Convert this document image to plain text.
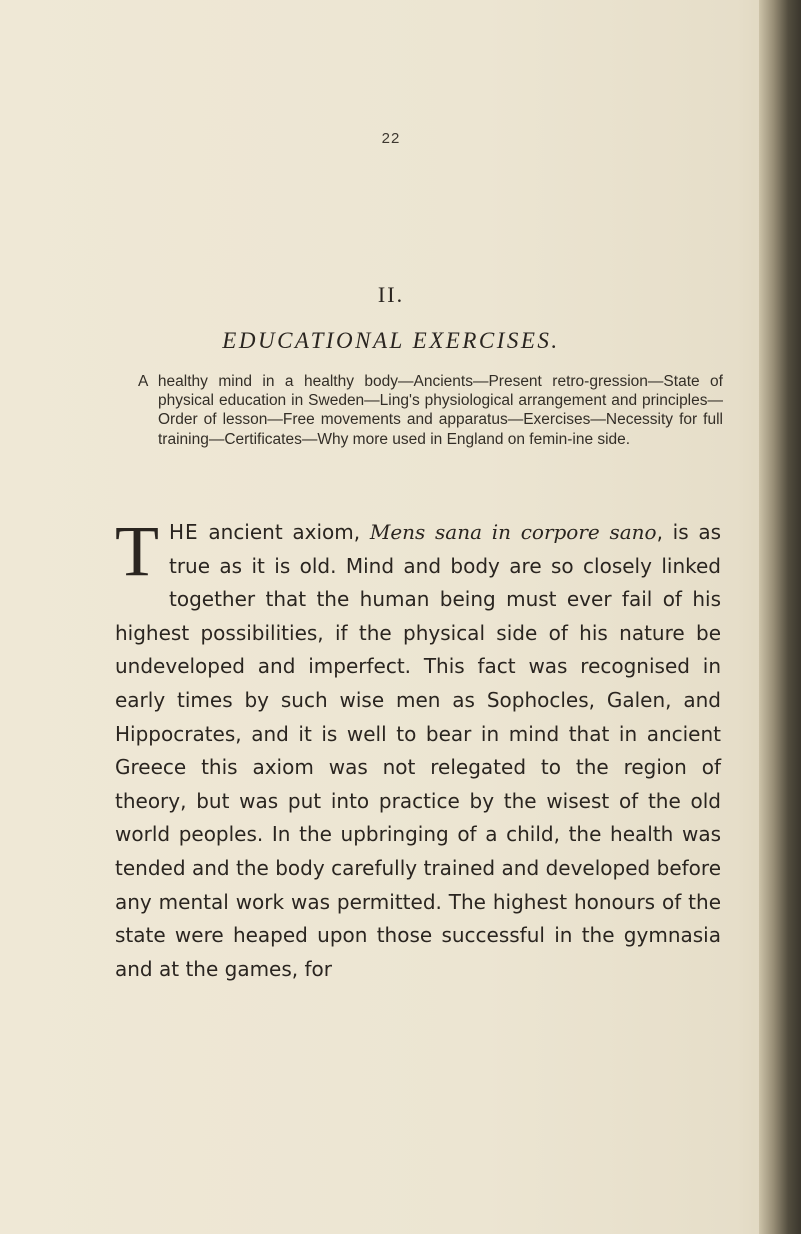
22
II.
EDUCATIONAL EXERCISES.
A healthy mind in a healthy body—Ancients—Present retro-gression—State of physical education in Sweden—Ling's physiological arrangement and principles—Order of lesson—Free movements and apparatus—Exercises—Necessity for full training—Certificates—Why more used in England on femin-ine side.
THE ancient axiom, Mens sana in corpore sano, is as true as it is old. Mind and body are so closely linked together that the human being must ever fail of his highest possibilities, if the physical side of his nature be undeveloped and imperfect. This fact was recognised in early times by such wise men as Sophocles, Galen, and Hippocrates, and it is well to bear in mind that in ancient Greece this axiom was not relegated to the region of theory, but was put into practice by the wisest of the old world peoples. In the upbringing of a child, the health was tended and the body carefully trained and developed before any mental work was permitted. The highest honours of the state were heaped upon those successful in the gymnasia and at the games, for
